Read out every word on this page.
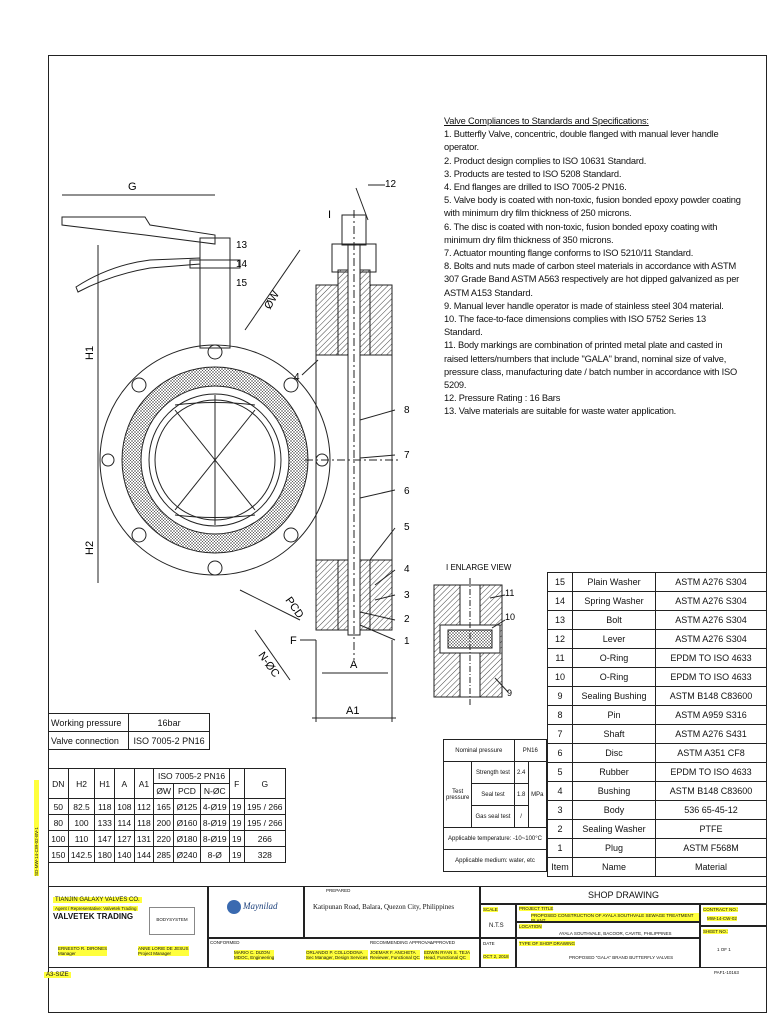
G
H1
H2
ØW
PCD
N-ØC
13
14
15
12
I
4
8
7
6
5
4
3
2
1
F
A
A1
I ENLARGE VIEW
11
10
9
Valve Compliances to Standards and Specifications:
1. Butterfly Valve, concentric, double flanged with manual lever handle operator.
2. Product design complies to ISO 10631 Standard.
3. Products are tested to ISO 5208 Standard.
4. End flanges are drilled to ISO 7005-2 PN16.
5. Valve body is coated with non-toxic, fusion bonded epoxy powder coating with minimum dry film thickness of 250 microns.
6. The disc is coated with non-toxic, fusion bonded epoxy coating with minimum dry film thickness of 350 microns.
7. Actuator mounting flange conforms to ISO 5210/11 Standard.
8. Bolts and nuts made of carbon steel materials in accordance with ASTM 307 Grade Band ASTM A563 respectively are hot dipped galvanized as per ASTM A153 Standard.
9. Manual lever handle operator is made of stainless steel 304 material.
10. The face-to-face dimensions complies with ISO 5752 Series 13 Standard.
11. Body markings are combination of printed metal plate and casted in raised letters/numbers that include "GALA" brand, nominal size of valve, pressure class, manufacturing date / batch number in accordance with ISO 5209.
12. Pressure Rating : 16 Bars
13. Valve materials are suitable for waste water application.
Working pressure	16bar
Valve connection	ISO 7005-2 PN16
DN	H2	H1	A	A1	ISO 7005-2 PN16			F	G
					ØW	PCD	N-ØC		
50	82.5	118	108	112	165	Ø125	4-Ø19	19	195 / 266
80	100	133	114	118	200	Ø160	8-Ø19	19	195 / 266
100	110	147	127	131	220	Ø180	8-Ø19	19	266
150	142.5	180	140	144	285	Ø240	8-Ø	19	328
Nominal pressure		PN16	
Test pressure	Strength test	2.4	MPa
	Seal test	1.8	
	Gas seal test	/	
Applicable temperature: -10~100°C			
Applicable medium: water, etc			
15	Plain Washer	ASTM A276 S304
14	Spring Washer	ASTM A276 S304
13	Bolt	ASTM A276 S304
12	Lever	ASTM A276 S304
11	O-Ring	EPDM TO ISO 4633
10	O-Ring	EPDM TO ISO 4633
9	Sealing Bushing	ASTM B148 C83600
8	Pin	ASTM A959 S316
7	Shaft	ASTM A276 S431
6	Disc	ASTM A351 CF8
5	Rubber	EPDM TO ISO 4633
4	Bushing	ASTM B148 C83600
3	Body	536 65-45-12
2	Sealing Washer	PTFE
1	Plug	ASTM F568M
Item	Name	Material
TIANJIN GALAXY VALVES CO.
Agent / Representative: Valvetek Trading
VALVETEK TRADING	BODYSYSTEM
Maynilad	Katipunan Road, Balara, Quezon City, Philippines
SHOP DRAWING
SCALE
N.T.S
PROJECT TITLE
PROPOSED CONSTRUCTION OF AYALA SOUTHVALE SEWAGE TREATMENT PLANT
LOCATION
AYALA SOUTHVALE, BACOOR, CAVITE, PHILIPPINES
CONTRACT NO.:
MW-14-CW-02
SHEET NO.:
1 OF 1
CONFORMED
PREPARED
RECOMMENDING APPROVAL
APPROVED
ERNESTO R. DIRONES
Manager
ANNE LORIE DE JESUS
Project Manager	MARIO C. DIZON
MDOC, Engineering
ORLANDO P. COLLODONA
Sec Manager, Design Services
JOEMAR F. ANCHETA
Reviewer, Functional QC
EDWIN RYAN S. TEJA
Head, Functional QC
DATE
OCT 2, 2018
TYPE OF SHOP DRAWING
PROPOSED "GALA" BRAND BUTTERFLY VALVES
SD-MW-14-CW-02-BV-1
A3-SIZE	PAF1-10163
